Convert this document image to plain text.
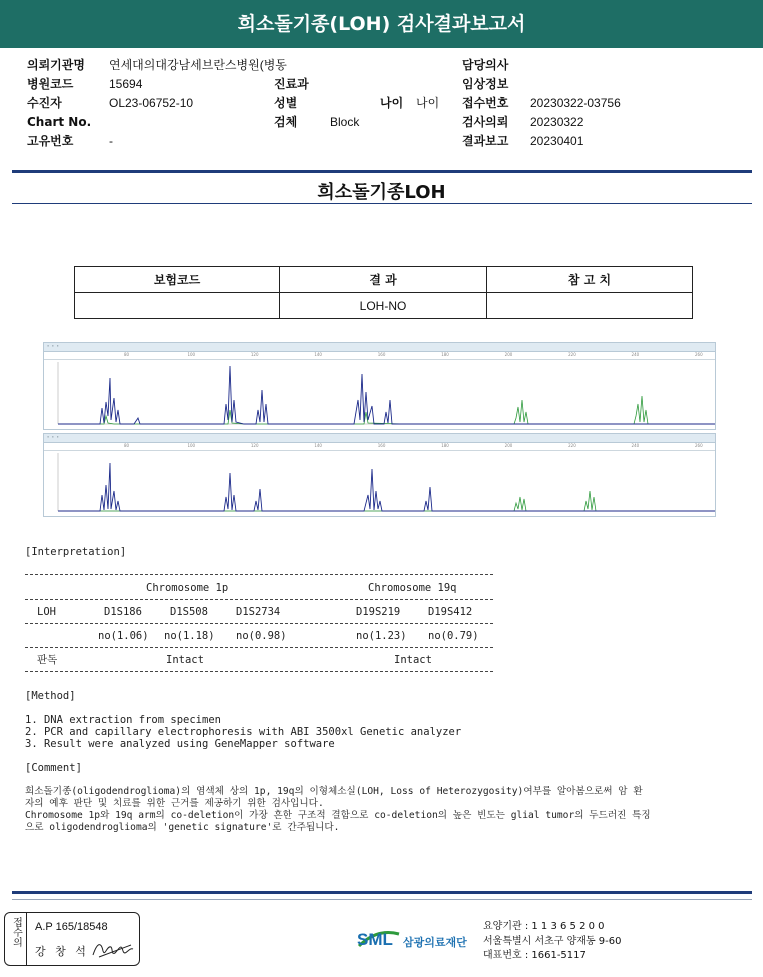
희소돌기종(LOH) 검사결과보고서
의뢰기관명 연세대의대강남세브란스병원(병동
병원코드	15694
수진자	OL23-06752-10
Chart No.
고유번호	-
진료과
성별
검체	Block
나이 나이
담당의사
임상정보
접수번호 20230322-03756
검사의뢰 20230322
결과보고 20230401
희소돌기종LOH
보험코드	결 과	참 고 치
	LOH-NO	
▪ ▪ ▪
80	100	120	140	160	180	200	220	240	260
▪ ▪ ▪
80	100	120	140	160	180	200	220	240	260
[Interpretation]
Chromosome 1p	Chromosome 19q
LOH	D1S186	D1S508	D1S2734	D19S219	D19S412
no(1.06) no(1.18) no(0.98)	no(1.23) no(0.79)
판독	Intact	Intact
[Method]
1. DNA extraction from specimen
2. PCR and capillary electrophoresis with ABI 3500xl Genetic analyzer
3. Result were analyzed using GeneMapper software
[Comment]
희소돌기종(oligodendroglioma)의 염색체 상의 1p, 19q의 이형체소실(LOH, Loss of Heterozygosity)여부를 알아봄으로써 암 환
자의 예후 판단 및 치료를 위한 근거를 제공하기 위한 검사입니다.
Chromosome 1p와 19q arm의 co-deletion이 가장 흔한 구조적 결함으로 co-deletion의 높은 빈도는 glial tumor의 두드러진 특징
으로 oligodendroglioma의 'genetic signature'로 간주됩니다.
접수의 A.P 165/18548
강 창 석
SML 삼광의료재단
요양기관 : 1 1 3 6 5 2 0 0
서울특별시 서초구 양재동 9-60
대표번호 : 1661-5117
